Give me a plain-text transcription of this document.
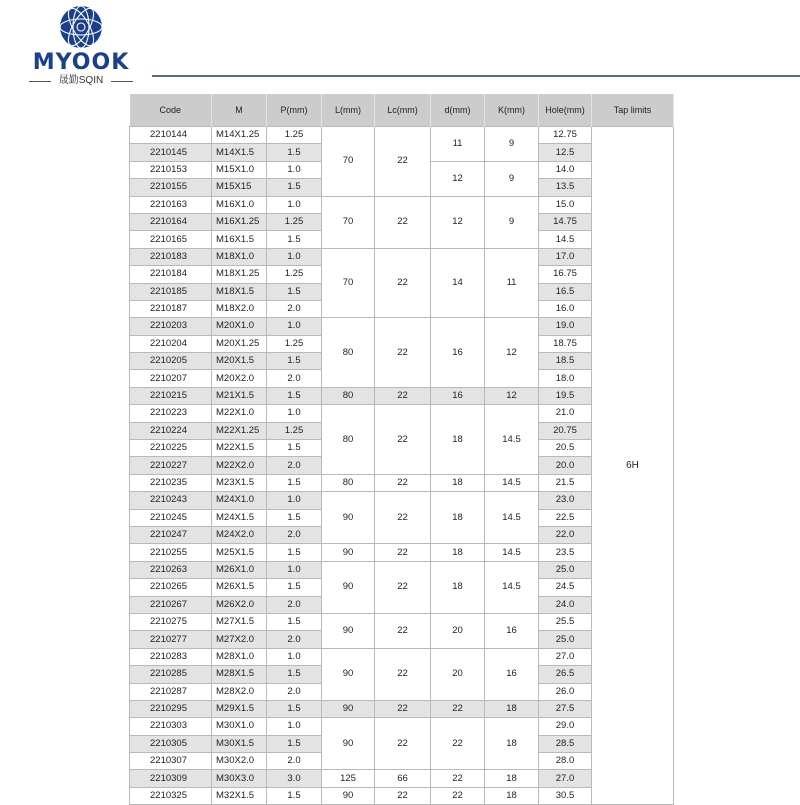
MYOOK
晟勤SQIN
Code	M	P(mm)	L(mm)	Lc(mm)	d(mm)	K(mm)	Hole(mm)	Tap limits
2210144	M14X1.25	1.25	70	22	11	9	12.75	6H
2210145	M14X1.5	1.5					12.5	
2210153	M15X1.0	1.0			12	9	14.0	
2210155	M15X15	1.5					13.5	
2210163	M16X1.0	1.0	70	22	12	9	15.0	
2210164	M16X1.25	1.25					14.75	
2210165	M16X1.5	1.5					14.5	
2210183	M18X1.0	1.0	70	22	14	11	17.0	
2210184	M18X1.25	1.25					16.75	
2210185	M18X1.5	1.5					16.5	
2210187	M18X2.0	2.0					16.0	
2210203	M20X1.0	1.0	80	22	16	12	19.0	
2210204	M20X1.25	1.25					18.75	
2210205	M20X1.5	1.5					18.5	
2210207	M20X2.0	2.0					18.0	
2210215	M21X1.5	1.5	80	22	16	12	19.5	
2210223	M22X1.0	1.0	80	22	18	14.5	21.0	
2210224	M22X1.25	1.25					20.75	
2210225	M22X1.5	1.5					20.5	
2210227	M22X2.0	2.0					20.0	
2210235	M23X1.5	1.5	80	22	18	14.5	21.5	
2210243	M24X1.0	1.0	90	22	18	14.5	23.0	
2210245	M24X1.5	1.5					22.5	
2210247	M24X2.0	2.0					22.0	
2210255	M25X1.5	1.5	90	22	18	14.5	23.5	
2210263	M26X1.0	1.0	90	22	18	14.5	25.0	
2210265	M26X1.5	1.5					24.5	
2210267	M26X2.0	2.0					24.0	
2210275	M27X1.5	1.5	90	22	20	16	25.5	
2210277	M27X2.0	2.0					25.0	
2210283	M28X1.0	1.0	90	22	20	16	27.0	
2210285	M28X1.5	1.5					26.5	
2210287	M28X2.0	2.0					26.0	
2210295	M29X1.5	1.5	90	22	22	18	27.5	
2210303	M30X1.0	1.0	90	22	22	18	29.0	
2210305	M30X1.5	1.5					28.5	
2210307	M30X2.0	2.0					28.0	
2210309	M30X3.0	3.0	125	66	22	18	27.0	
2210325	M32X1.5	1.5	90	22	22	18	30.5	
